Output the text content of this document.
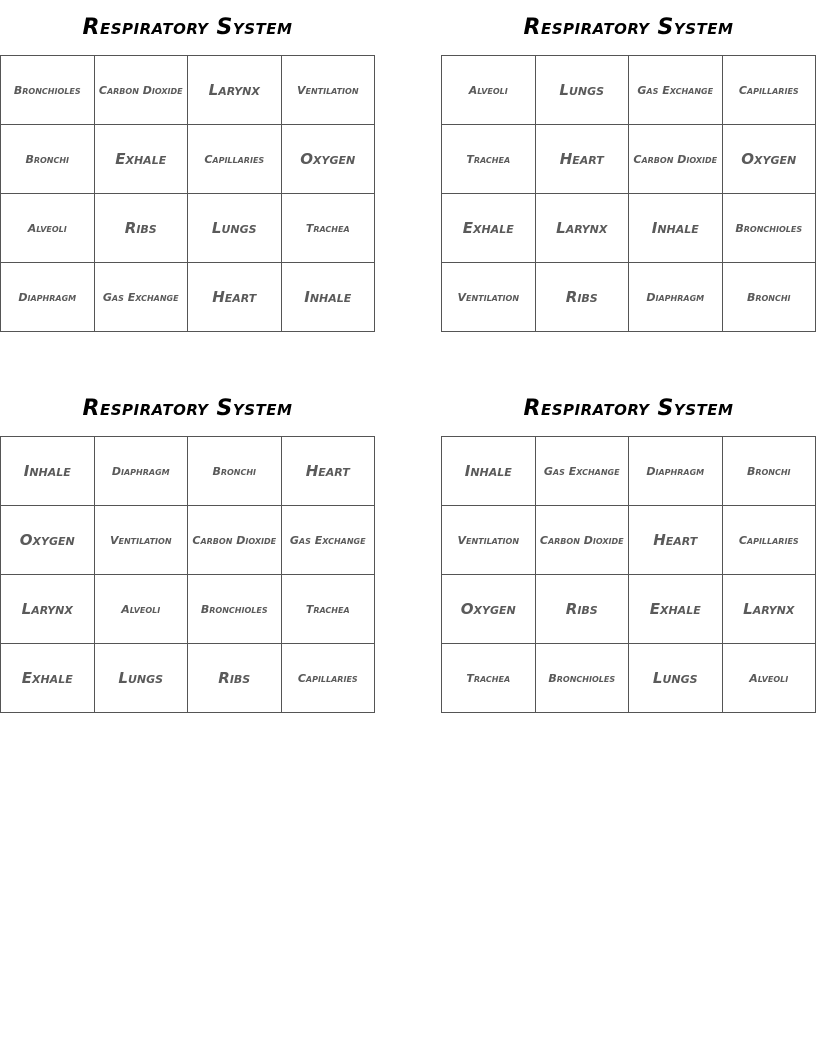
Respiratory System
Bronchioles	Carbon Dioxide	Larynx	Ventilation
Bronchi	Exhale	Capillaries	Oxygen
Alveoli	Ribs	Lungs	Trachea
Diaphragm	Gas Exchange	Heart	Inhale
Respiratory System
Alveoli	Lungs	Gas Exchange	Capillaries
Trachea	Heart	Carbon Dioxide	Oxygen
Exhale	Larynx	Inhale	Bronchioles
Ventilation	Ribs	Diaphragm	Bronchi
Respiratory System
Inhale	Diaphragm	Bronchi	Heart
Oxygen	Ventilation	Carbon Dioxide	Gas Exchange
Larynx	Alveoli	Bronchioles	Trachea
Exhale	Lungs	Ribs	Capillaries
Respiratory System
Inhale	Gas Exchange	Diaphragm	Bronchi
Ventilation	Carbon Dioxide	Heart	Capillaries
Oxygen	Ribs	Exhale	Larynx
Trachea	Bronchioles	Lungs	Alveoli
